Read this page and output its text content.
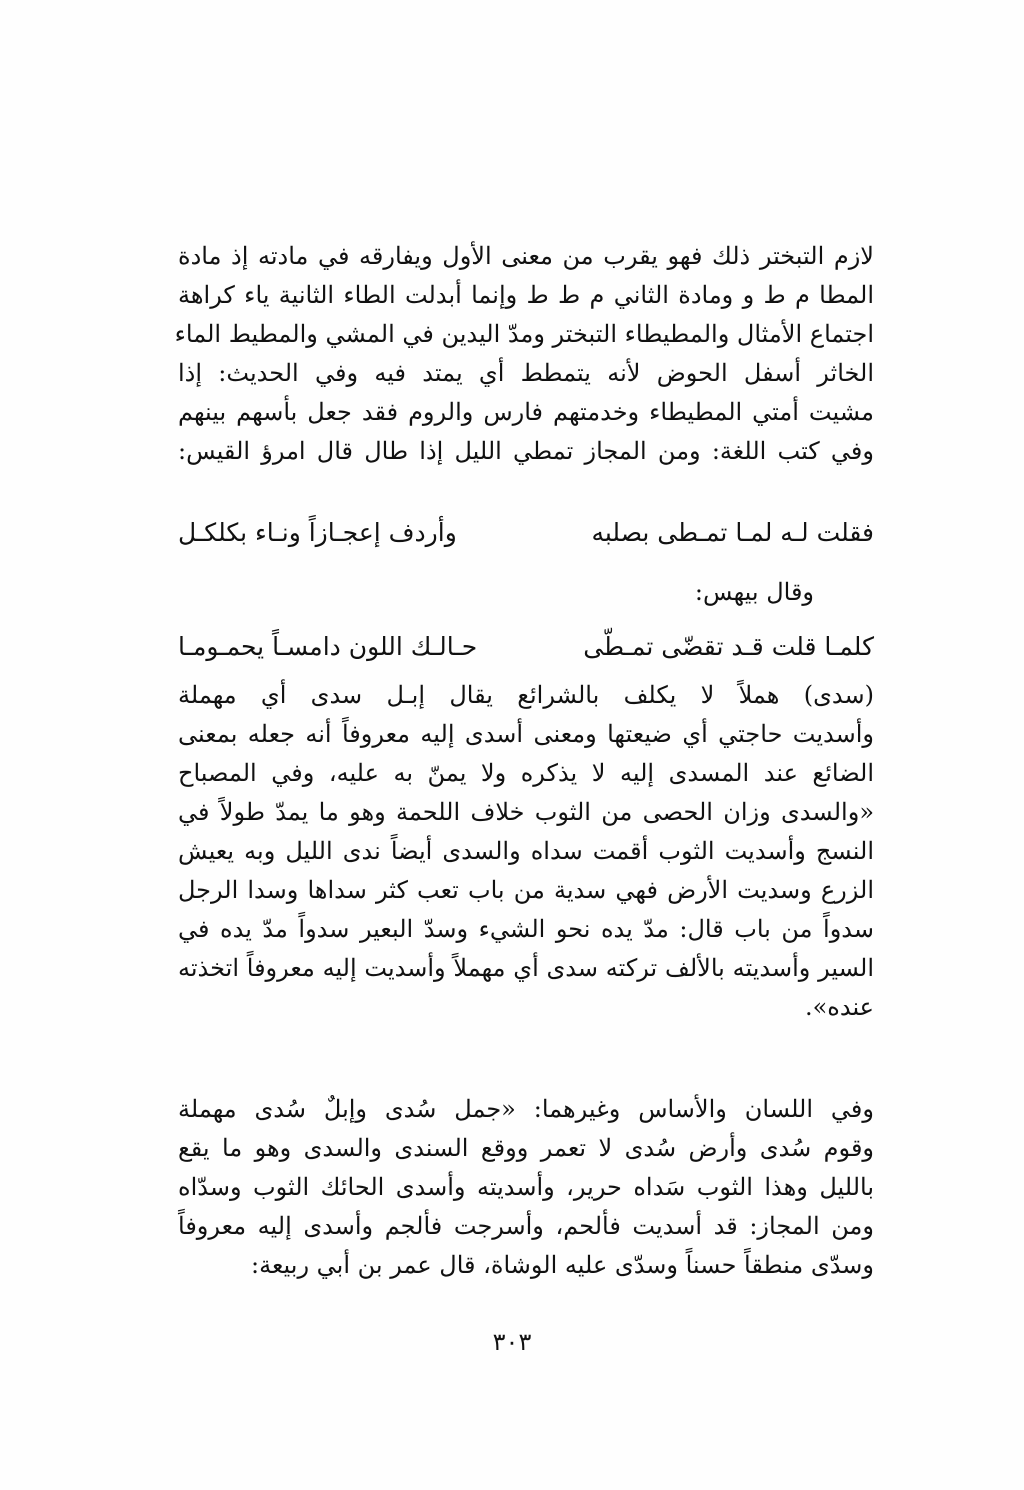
لازم التبختر ذلك فهو يقرب من معنى الأول ويفارقه في مادته إذ مادة
المطا م ط و ومادة الثاني م ط ط وإنما أبدلت الطاء الثانية ياء كراهة
اجتماع الأمثال والمطيطاء التبختر ومدّ اليدين في المشي والمطيط الماء
الخاثر أسفل الحوض لأنه يتمطط أي يمتد فيه وفي الحديث: إذا
مشيت أمتي المطيطاء وخدمتهم فارس والروم فقد جعل بأسهم بينهم
وفي كتب اللغة: ومن المجاز تمطي الليل إذا طال قال امرؤ القيس:
فقلت لـه لمـا تمـطى بصلبه
وأردف إعجـازاً ونـاء بكلكـل
وقال بيهس:
كلمـا قلت قـد تقضّى تمـطّى
حـالـك اللون دامسـاً يحمـومـا
(سدى) هملاً لا يكلف بالشرائع يقال إبـل سدى أي مهملة
وأسديت حاجتي أي ضيعتها ومعنى أسدى إليه معروفاً أنه جعله بمعنى
الضائع عند المسدى إليه لا يذكره ولا يمنّ به عليه، وفي المصباح
«والسدى وزان الحصى من الثوب خلاف اللحمة وهو ما يمدّ طولاً في
النسج وأسديت الثوب أقمت سداه والسدى أيضاً ندى الليل وبه يعيش
الزرع وسديت الأرض فهي سدية من باب تعب كثر سداها وسدا الرجل
سدواً من باب قال: مدّ يده نحو الشيء وسدّ البعير سدواً مدّ يده في
السير وأسديته بالألف تركته سدى أي مهملاً وأسديت إليه معروفاً اتخذته
عنده».
وفي اللسان والأساس وغيرهما: «جمل سُدى وإبلٌ سُدى مهملة
وقوم سُدى وأرض سُدى لا تعمر ووقع السندى والسدى وهو ما يقع
بالليل وهذا الثوب سَداه حرير، وأسديته وأسدى الحائك الثوب وسدّاه
ومن المجاز: قد أسديت فألحم، وأسرجت فألجم وأسدى إليه معروفاً
وسدّى منطقاً حسناً وسدّى عليه الوشاة، قال عمر بن أبي ربيعة:
٣٠٣
